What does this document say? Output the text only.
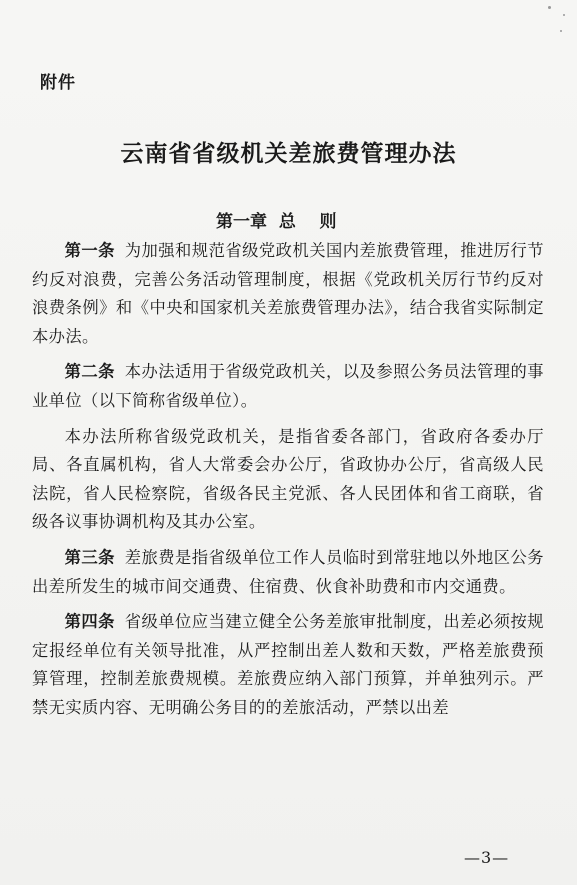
附件
云南省省级机关差旅费管理办法
第一章  总    则

第一条 为加强和规范省级党政机关国内差旅费管理，推进厉行节约反对浪费，完善公务活动管理制度，根据《党政机关厉行节约反对浪费条例》和《中央和国家机关差旅费管理办法》，结合我省实际制定本办法。

第二条 本办法适用于省级党政机关，以及参照公务员法管理的事业单位（以下简称省级单位）。

本办法所称省级党政机关，是指省委各部门，省政府各委办厅局、各直属机构，省人大常委会办公厅，省政协办公厅，省高级人民法院，省人民检察院，省级各民主党派、各人民团体和省工商联，省级各议事协调机构及其办公室。

第三条 差旅费是指省级单位工作人员临时到常驻地以外地区公务出差所发生的城市间交通费、住宿费、伙食补助费和市内交通费。

第四条 省级单位应当建立健全公务差旅审批制度，出差必须按规定报经单位有关领导批准，从严控制出差人数和天数，严格差旅费预算管理，控制差旅费规模。差旅费应纳入部门预算，并单独列示。严禁无实质内容、无明确公务目的的差旅活动，严禁以出差

—3—
